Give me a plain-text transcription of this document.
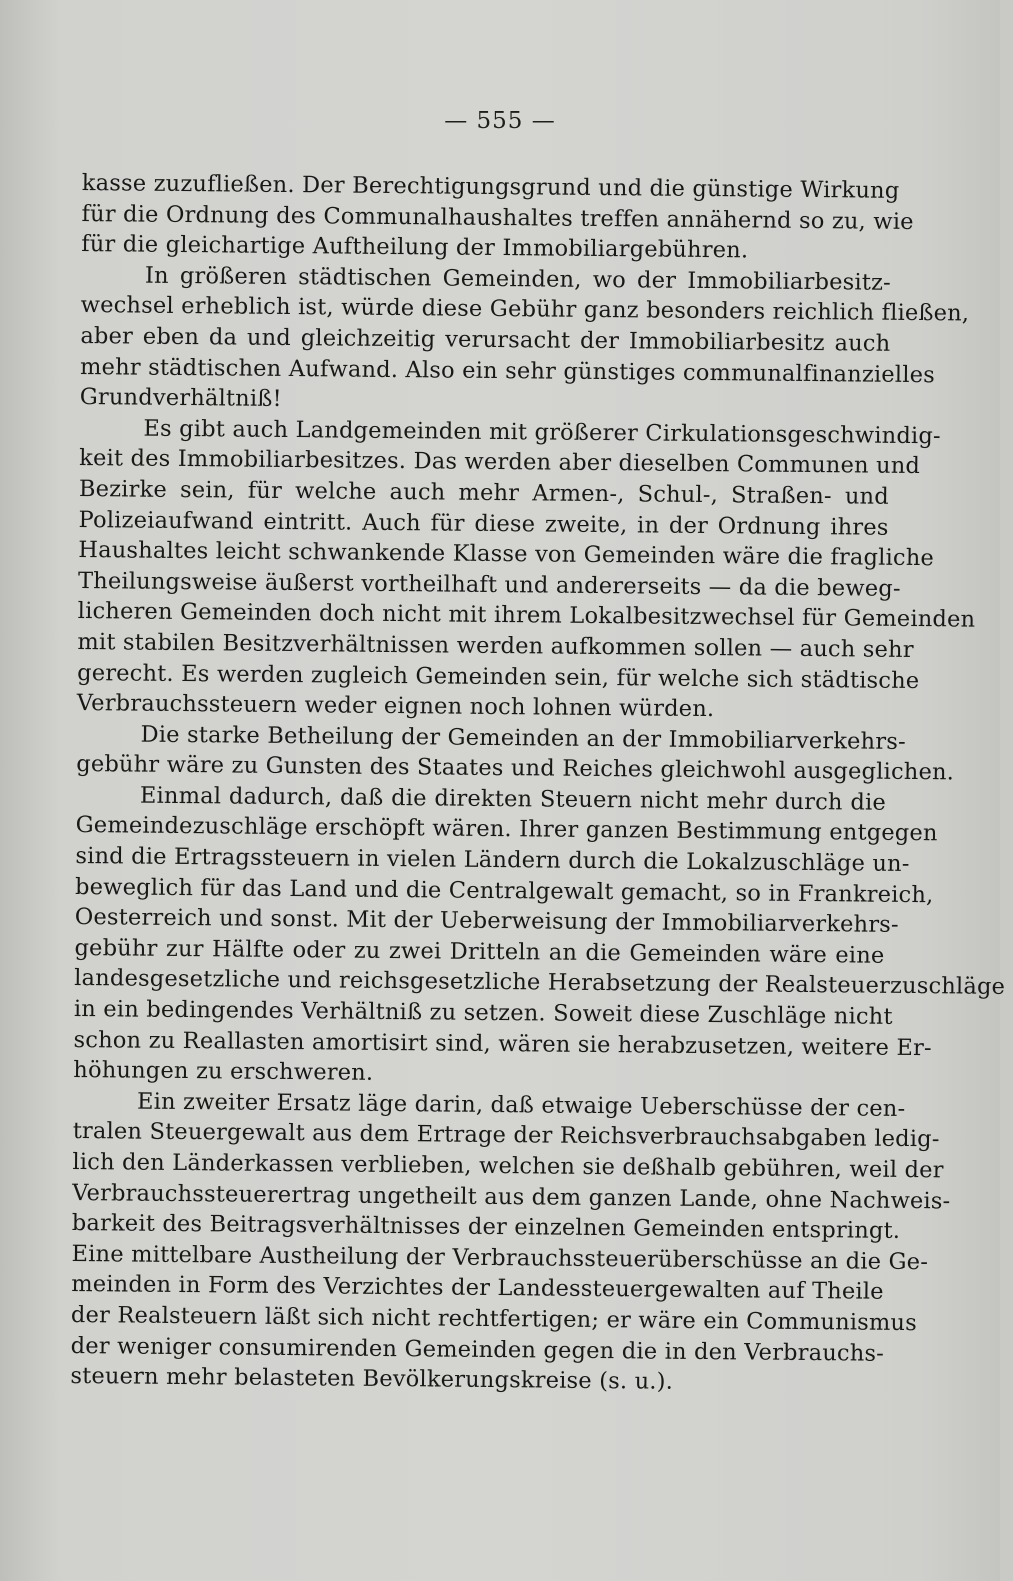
— 555 —
kasse zuzufließen. Der Berechtigungsgrund und die günstige Wirkung
für die Ordnung des Communalhaushaltes treffen annähernd so zu, wie
für die gleichartige Auftheilung der Immobiliargebühren.
In größeren städtischen Gemeinden, wo der Immobiliarbesitz-
wechsel erheblich ist, würde diese Gebühr ganz besonders reichlich fließen,
aber eben da und gleichzeitig verursacht der Immobiliarbesitz auch
mehr städtischen Aufwand. Also ein sehr günstiges communalfinanzielles
Grundverhältniß!
Es gibt auch Landgemeinden mit größerer Cirkulationsgeschwindig-
keit des Immobiliarbesitzes. Das werden aber dieselben Communen und
Bezirke sein, für welche auch mehr Armen-, Schul-, Straßen- und
Polizeiaufwand eintritt. Auch für diese zweite, in der Ordnung ihres
Haushaltes leicht schwankende Klasse von Gemeinden wäre die fragliche
Theilungsweise äußerst vortheilhaft und andererseits — da die beweg-
licheren Gemeinden doch nicht mit ihrem Lokalbesitzwechsel für Gemeinden
mit stabilen Besitzverhältnissen werden aufkommen sollen — auch sehr
gerecht. Es werden zugleich Gemeinden sein, für welche sich städtische
Verbrauchssteuern weder eignen noch lohnen würden.
Die starke Betheilung der Gemeinden an der Immobiliarverkehrs-
gebühr wäre zu Gunsten des Staates und Reiches gleichwohl ausgeglichen.
Einmal dadurch, daß die direkten Steuern nicht mehr durch die
Gemeindezuschläge erschöpft wären. Ihrer ganzen Bestimmung entgegen
sind die Ertragssteuern in vielen Ländern durch die Lokalzuschläge un-
beweglich für das Land und die Centralgewalt gemacht, so in Frankreich,
Oesterreich und sonst. Mit der Ueberweisung der Immobiliarverkehrs-
gebühr zur Hälfte oder zu zwei Dritteln an die Gemeinden wäre eine
landesgesetzliche und reichsgesetzliche Herabsetzung der Realsteuerzuschläge
in ein bedingendes Verhältniß zu setzen. Soweit diese Zuschläge nicht
schon zu Reallasten amortisirt sind, wären sie herabzusetzen, weitere Er-
höhungen zu erschweren.
Ein zweiter Ersatz läge darin, daß etwaige Ueberschüsse der cen-
tralen Steuergewalt aus dem Ertrage der Reichsverbrauchsabgaben ledig-
lich den Länderkassen verblieben, welchen sie deßhalb gebühren, weil der
Verbrauchssteuerertrag ungetheilt aus dem ganzen Lande, ohne Nachweis-
barkeit des Beitragsverhältnisses der einzelnen Gemeinden entspringt.
Eine mittelbare Austheilung der Verbrauchssteuerüberschüsse an die Ge-
meinden in Form des Verzichtes der Landessteuergewalten auf Theile
der Realsteuern läßt sich nicht rechtfertigen; er wäre ein Communismus
der weniger consumirenden Gemeinden gegen die in den Verbrauchs-
steuern mehr belasteten Bevölkerungskreise (s. u.).
